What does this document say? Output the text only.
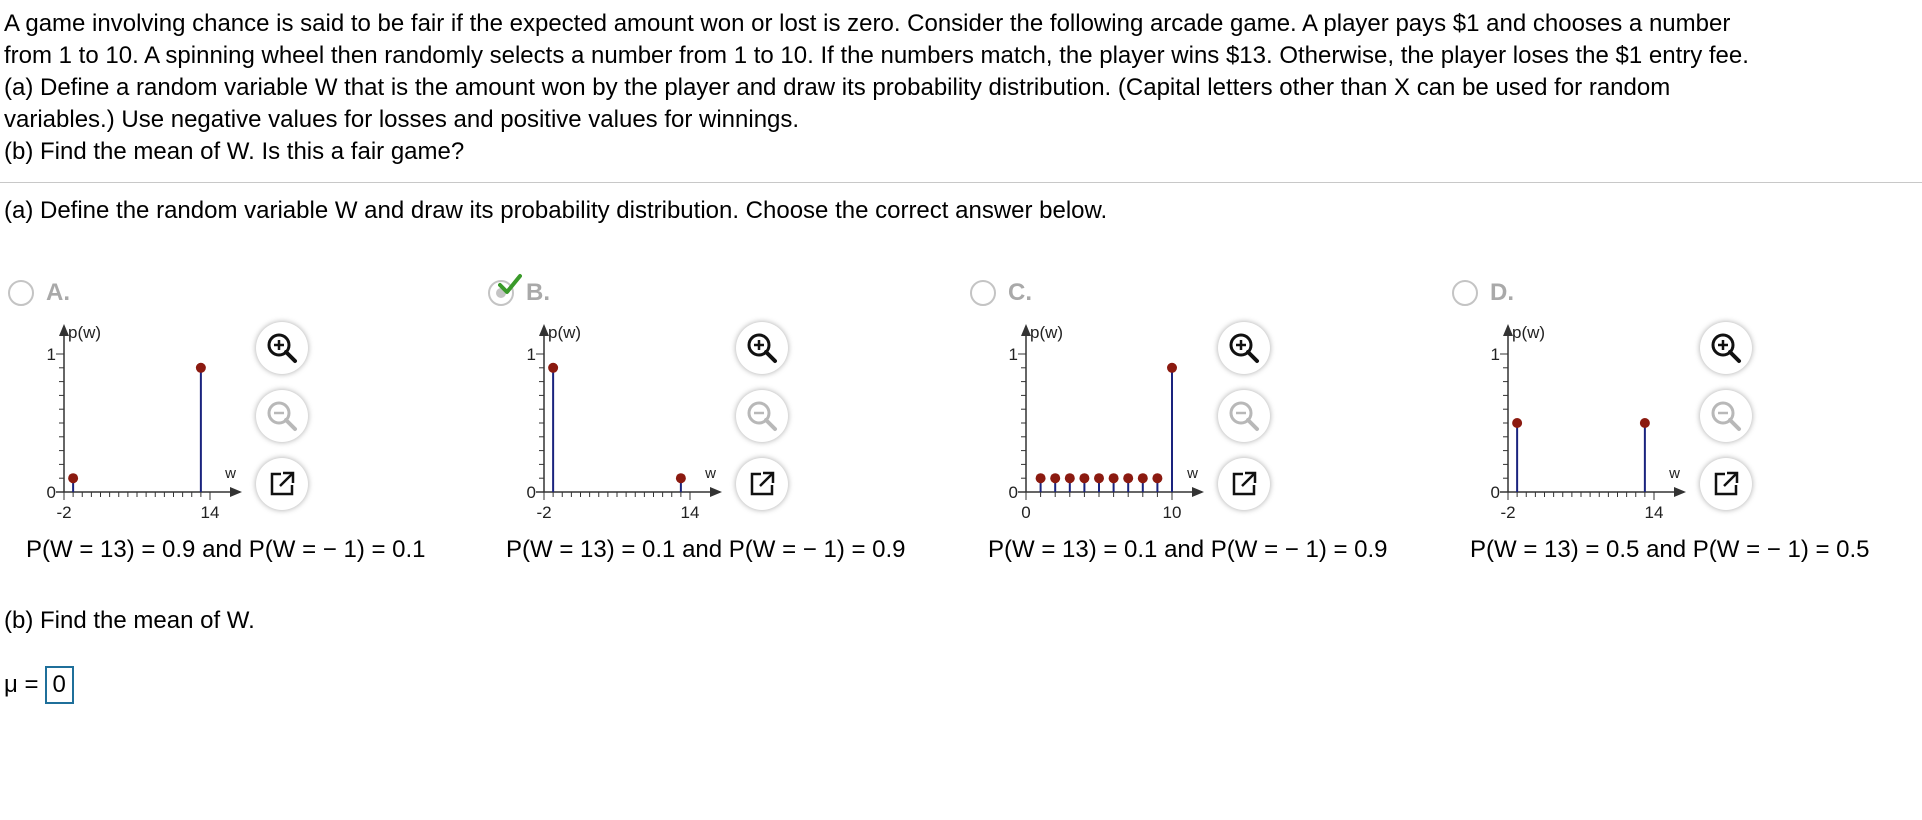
A game involving chance is said to be fair if the expected amount won or lost is zero. Consider the following arcade game. A player pays $1 and chooses a number

from 1 to 10. A spinning wheel then randomly selects a number from 1 to 10. If the numbers match, the player wins $13. Otherwise, the player loses the $1 entry fee.

(a) Define a random variable W that is the amount won by the player and draw its probability distribution. (Capital letters other than X can be used for random

variables.) Use negative values for losses and positive values for winnings.

(b) Find the mean of W. Is this a fair game?

(a) Define the random variable W and draw its probability distribution. Choose the correct answer below.
A.
p(w)
1
0
-2	14
w
P(W = 13) = 0.9 and P(W = − 1) = 0.1
B.
p(w)
1
0
-2	14
w
P(W = 13) = 0.1 and P(W = − 1) = 0.9
C.
p(w)
1
0
0	10
w
P(W = 13) = 0.1 and P(W = − 1) = 0.9
D.
p(w)
1
0
-2	14
w
P(W = 13) = 0.5 and P(W = − 1) = 0.5
(b) Find the mean of W.
μ = 0
